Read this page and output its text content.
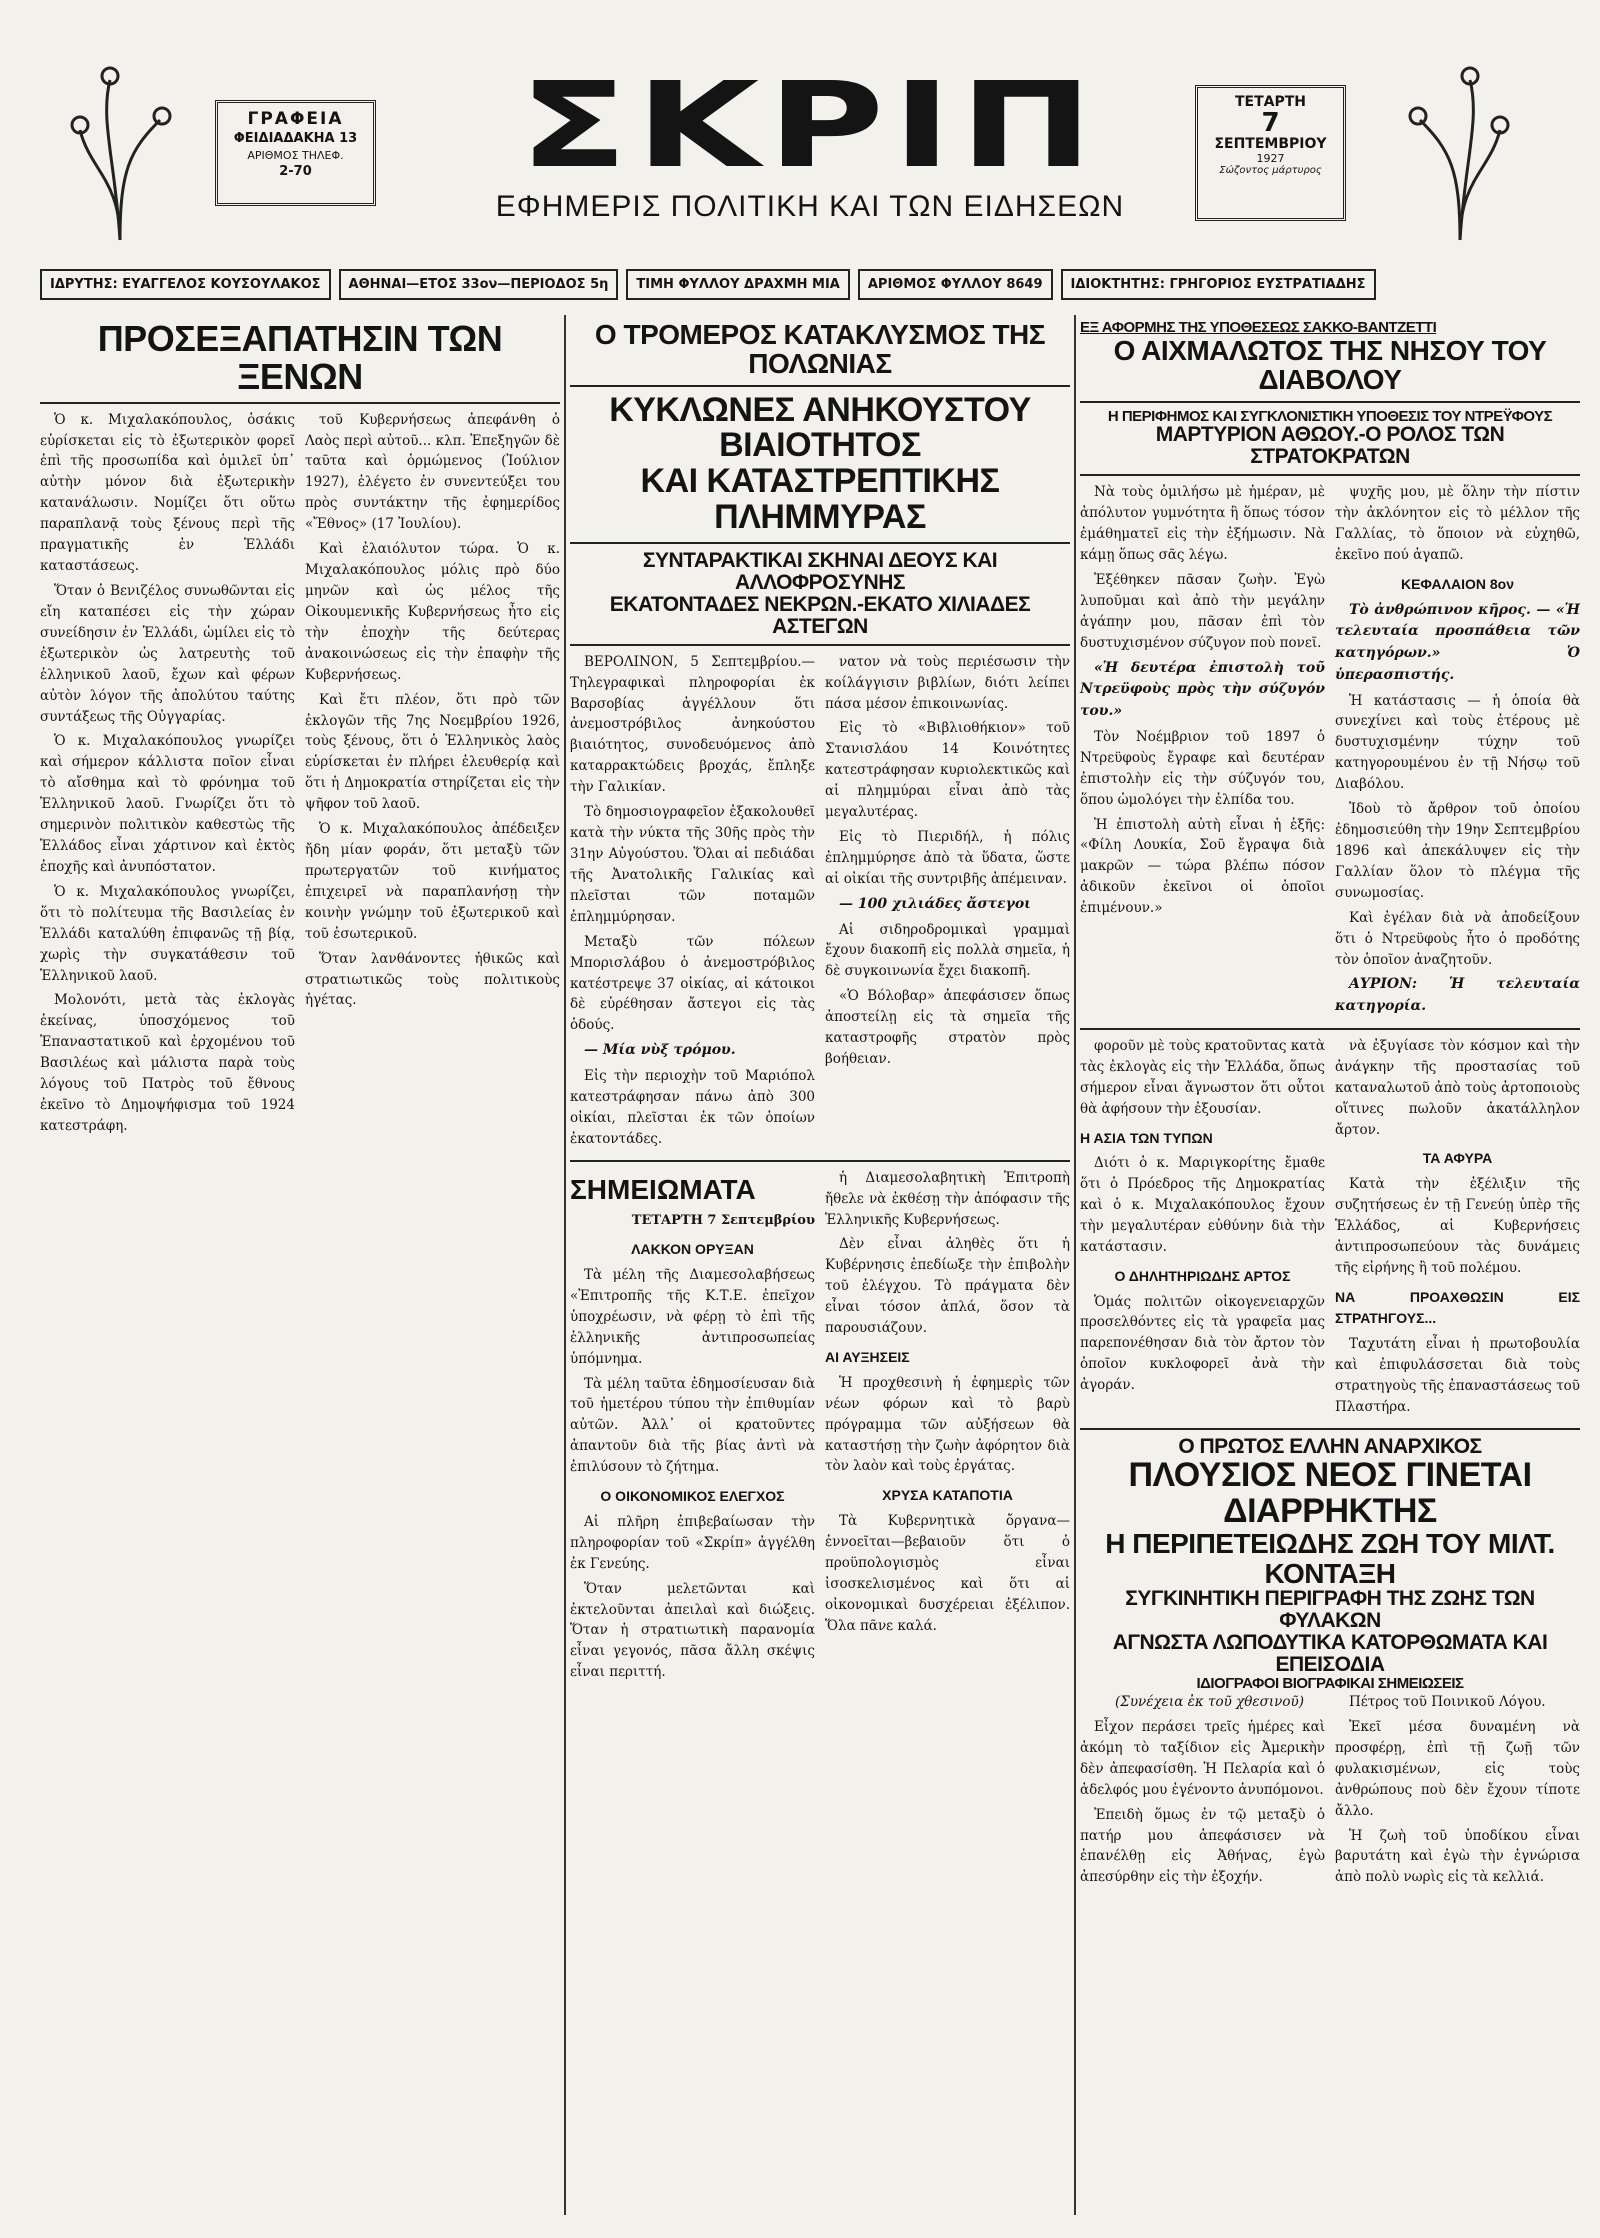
ΓΡΑΦΕΙΑ
ΦΕΙΔΙΑΔΑΚΗΑ 13
ΑΡΙΘΜΟΣ ΤΗΛΕΦ.
2-70	ΣΚΡΙΠ
ΕΦΗΜΕΡΙΣ ΠΟΛΙΤΙΚΗ ΚΑΙ ΤΩΝ ΕΙΔΗΣΕΩΝ
ΤΕΤΑΡΤΗ
7
ΣΕΠΤΕΜΒΡΙΟΥ
1927
Σώζοντος μάρτυρος
ΙΔΡΥΤΗΣ: ΕΥΑΓΓΕΛΟΣ ΚΟΥΣΟΥΛΑΚΟΣ	ΑΘΗΝΑΙ—ΕΤΟΣ 33ον—ΠΕΡΙΟΔΟΣ 5η	ΤΙΜΗ ΦΥΛΛΟΥ ΔΡΑΧΜΗ ΜΙΑ	ΑΡΙΘΜΟΣ ΦΥΛΛΟΥ 8649	ΙΔΙΟΚΤΗΤΗΣ: ΓΡΗΓΟΡΙΟΣ ΕΥΣΤΡΑΤΙΑΔΗΣ
ΠΡΟΣΕΞΑΠΑΤΗΣΙΝ ΤΩΝ ΞΕΝΩΝ

Ὁ κ. Μιχαλακόπουλος, ὁσάκις εὑρίσκεται εἰς τὸ ἐξωτερικὸν φορεῖ ἐπὶ τῆς προσωπίδα καὶ ὁμιλεῖ ὑπ᾽ αὐτὴν μόνον διὰ ἐξωτερικὴν κατανάλωσιν. Νομίζει ὅτι οὕτω παραπλανᾷ τοὺς ξένους περὶ τῆς πραγματικῆς ἐν Ἑλλάδι καταστάσεως.

Ὅταν ὁ Βενιζέλος συνωθῶνται εἰς εἴη καταπέσει εἰς τὴν χώραν συνείδησιν ἐν Ἑλλάδι, ὡμίλει εἰς τὸ ἐξωτερικὸν ὡς λατρευτὴς τοῦ ἑλληνικοῦ λαοῦ, ἔχων καὶ φέρων αὐτὸν λόγον τῆς ἀπολύτου ταύτης συντάξεως τῆς Οὐγγαρίας.

Ὁ κ. Μιχαλακόπουλος γνωρίζει καὶ σήμερον κάλλιστα ποῖον εἶναι τὸ αἴσθημα καὶ τὸ φρόνημα τοῦ Ἑλληνικοῦ λαοῦ. Γνωρίζει ὅτι τὸ σημερινὸν πολιτικὸν καθεστὼς τῆς Ἑλλάδος εἶναι χάρτινον καὶ ἐκτὸς ἐποχῆς καὶ ἀνυπόστατον.

Ὁ κ. Μιχαλακόπουλος γνωρίζει, ὅτι τὸ πολίτευμα τῆς Βασιλείας ἐν Ἑλλάδι καταλύθη ἐπιφανῶς τῇ βίᾳ, χωρὶς τὴν συγκατάθεσιν τοῦ Ἑλληνικοῦ λαοῦ.

Μολονότι, μετὰ τὰς ἐκλογὰς ἐκείνας, ὑποσχόμενος τοῦ Ἐπαναστατικοῦ καὶ ἐρχομένου τοῦ Βασιλέως καὶ μάλιστα παρὰ τοὺς λόγους τοῦ Πατρὸς τοῦ ἔθνους ἐκεῖνο τὸ Δημοψήφισμα τοῦ 1924 κατεστράφη.

τοῦ Κυβερνήσεως ἀπεφάνθη ὁ Λαὸς περὶ αὐτοῦ... κλπ. Ἐπεξηγῶν δὲ ταῦτα καὶ ὁρμώμενος (Ἰούλιον 1927), ἐλέγετο ἐν συνεντεύξει του πρὸς συντάκτην τῆς ἐφημερίδος «Ἔθνος» (17 Ἰουλίου).

Καὶ ἐλαιόλυτον τώρα. Ὁ κ. Μιχαλακόπουλος μόλις πρὸ δύο μηνῶν καὶ ὡς μέλος τῆς Οἰκουμενικῆς Κυβερνήσεως ἦτο εἰς τὴν ἐποχὴν τῆς δεύτερας ἀνακοινώσεως εἰς τὴν ἐπαφὴν τῆς Κυβερνήσεως.

Καὶ ἔτι πλέον, ὅτι πρὸ τῶν ἐκλογῶν τῆς 7ης Νοεμβρίου 1926, τοὺς ξένους, ὅτι ὁ Ἑλληνικὸς λαὸς εὑρίσκεται ἐν πλήρει ἐλευθερίᾳ καὶ ὅτι ἡ Δημοκρατία στηρίζεται εἰς τὴν ψῆφον τοῦ λαοῦ.

Ὁ κ. Μιχαλακόπουλος ἀπέδειξεν ἤδη μίαν φοράν, ὅτι μεταξὺ τῶν πρωτεργατῶν τοῦ κινήματος ἐπιχειρεῖ νὰ παραπλανήσῃ τὴν κοινὴν γνώμην τοῦ ἐξωτερικοῦ καὶ τοῦ ἐσωτερικοῦ.

Ὅταν λανθάνοντες ἠθικῶς καὶ στρατιωτικῶς τοὺς πολιτικοὺς ἡγέτας.

Ο ΤΡΟΜΕΡΟΣ ΚΑΤΑΚΛΥΣΜΟΣ ΤΗΣ ΠΟΛΩΝΙΑΣ
ΚΥΚΛΩΝΕΣ ΑΝΗΚΟΥΣΤΟΥ ΒΙΑΙΟΤΗΤΟΣ
ΚΑΙ ΚΑΤΑΣΤΡΕΠΤΙΚΗΣ ΠΛΗΜΜΥΡΑΣ
ΣΥΝΤΑΡΑΚΤΙΚΑΙ ΣΚΗΝΑΙ ΔΕΟΥΣ ΚΑΙ ΑΛΛΟΦΡΟΣΥΝΗΣ
ΕΚΑΤΟΝΤΑΔΕΣ ΝΕΚΡΩΝ.-ΕΚΑΤΟ ΧΙΛΙΑΔΕΣ ΑΣΤΕΓΩΝ

ΒΕΡΟΛΙΝΟΝ, 5 Σεπτεμβρίου.—Τηλεγραφικαὶ πληροφορίαι ἐκ Βαρσοβίας ἀγγέλλουν ὅτι ἀνεμοστρόβιλος ἀνηκούστου βιαιότητος, συνοδευόμενος ἀπὸ καταρρακτώδεις βροχάς, ἔπληξε τὴν Γαλικίαν.

Τὸ δημοσιογραφεῖον ἐξακολουθεῖ κατὰ τὴν νύκτα τῆς 30ῆς πρὸς τὴν 31ην Αὐγούστου. Ὅλαι αἱ πεδιάδαι τῆς Ἀνατολικῆς Γαλικίας καὶ πλεῖσται τῶν ποταμῶν ἐπλημμύρησαν.

Μεταξὺ τῶν πόλεων Μπορισλάβου ὁ ἀνεμοστρόβιλος κατέστρεψε 37 οἰκίας, αἱ κάτοικοι δὲ εὑρέθησαν ἄστεγοι εἰς τὰς ὁδούς.

— Μία νὺξ τρόμου.

Εἰς τὴν περιοχὴν τοῦ Μαριόπολ κατεστράφησαν πάνω ἀπὸ 300 οἰκίαι, πλεῖσται ἐκ τῶν ὁποίων ἐκατοντάδες.

νατον νὰ τοὺς περιέσωσιν τὴν κοίλάγγισιν βιβλίων, διότι λείπει πάσα μέσον ἐπικοινωνίας.

Εἰς τὸ «Βιβλιοθήκιον» τοῦ Στανισλάου 14 Κοινότητες κατεστράφησαν κυριολεκτικῶς καὶ αἱ πλημμύραι εἶναι ἀπὸ τὰς μεγαλυτέρας.

Εἰς τὸ Πιεριδήλ, ἡ πόλις ἐπλημμύρησε ἀπὸ τὰ ὕδατα, ὥστε αἱ οἰκίαι τῆς συντριβῆς ἀπέμειναν.

— 100 χιλιάδες ἄστεγοι

Αἱ σιδηροδρομικαὶ γραμμαὶ ἔχουν διακοπῆ εἰς πολλὰ σημεῖα, ἡ δὲ συγκοινωνία ἔχει διακοπῆ.

«Ὁ Βόλοβαρ» ἀπεφάσισεν ὅπως ἀποστείλῃ εἰς τὰ σημεῖα τῆς καταστροφῆς στρατὸν πρὸς βοήθειαν.

ΣΗΜΕΙΩΜΑΤΑ
ΤΕΤΑΡΤΗ 7 Σεπτεμβρίου
ΛΑΚΚΟΝ ΟΡΥΞΑΝ

Τὰ μέλη τῆς Διαμεσολαβήσεως «Ἐπιτροπῆς τῆς Κ.Τ.Ε. ἐπεῖχον ὑποχρέωσιν, νὰ φέρῃ τὸ ἐπὶ τῆς ἑλληνικῆς ἀντιπροσωπείας ὑπόμνημα.

Τὰ μέλη ταῦτα ἐδημοσίευσαν διὰ τοῦ ἡμετέρου τύπου τὴν ἐπιθυμίαν αὐτῶν. Ἀλλ᾽ οἱ κρατοῦντες ἀπαντοῦν διὰ τῆς βίας ἀντὶ νὰ ἐπιλύσουν τὸ ζήτημα.

Ο ΟΙΚΟΝΟΜΙΚΟΣ ΕΛΕΓΧΟΣ

Αἱ πλῆρη ἐπιβεβαίωσαν τὴν πληροφορίαν τοῦ «Σκρίπ» ἀγγέλθη ἐκ Γενεύης.

Ὅταν μελετῶνται καὶ ἐκτελοῦνται ἀπειλαὶ καὶ διώξεις. Ὅταν ἡ στρατιωτικὴ παρανομία εἶναι γεγονός, πᾶσα ἄλλη σκέψις εἶναι περιττή.

ἡ Διαμεσολαβητικὴ Ἐπιτροπὴ ἤθελε νὰ ἐκθέσῃ τὴν ἀπόφασιν τῆς Ἑλληνικῆς Κυβερνήσεως.

Δὲν εἶναι ἀληθὲς ὅτι ἡ Κυβέρνησις ἐπεδίωξε τὴν ἐπιβολὴν τοῦ ἐλέγχου. Τὸ πράγματα δὲν εἶναι τόσον ἁπλά, ὅσον τὰ παρουσιάζουν.

ΑΙ ΑΥΞΗΣΕΙΣ

Ἡ προχθεσινὴ ἡ ἐφημερὶς τῶν νέων φόρων καὶ τὸ βαρὺ πρόγραμμα τῶν αὐξήσεων θὰ καταστήσῃ τὴν ζωὴν ἀφόρητον διὰ τὸν λαὸν καὶ τοὺς ἐργάτας.

ΧΡΥΣΑ ΚΑΤΑΠΟΤΙΑ

Τὰ Κυβερνητικὰ ὄργανα—ἐννοεῖται—βεβαιοῦν ὅτι ὁ προϋπολογισμὸς εἶναι ἰσοσκελισμένος καὶ ὅτι αἱ οἰκονομικαὶ δυσχέρειαι ἐξέλιπον. Ὅλα πᾶνε καλά.

ΕΞ ΑΦΟΡΜΗΣ ΤΗΣ ΥΠΟΘΕΣΕΩΣ ΣΑΚΚΟ-ΒΑΝΤΖΕΤΤΙ
Ο ΑΙΧΜΑΛΩΤΟΣ ΤΗΣ ΝΗΣΟΥ ΤΟΥ ΔΙΑΒΟΛΟΥ
Η ΠΕΡΙΦΗΜΟΣ ΚΑΙ ΣΥΓΚΛΟΝΙΣΤΙΚΗ ΥΠΟΘΕΣΙΣ ΤΟΥ ΝΤΡΕΫΦΟΥΣ
ΜΑΡΤΥΡΙΟΝ ΑΘΩΟΥ.-Ο ΡΟΛΟΣ ΤΩΝ ΣΤΡΑΤΟΚΡΑΤΩΝ

Νὰ τοὺς ὁμιλήσω μὲ ἡμέραν, μὲ ἀπόλυτον γυμνότητα ἢ ὅπως τόσον ἐμάθηματεῖ εἰς τὴν ἐξήμωσιν. Νὰ κάμῃ ὅπως σᾶς λέγω.

Ἐξέθηκεν πᾶσαν ζωὴν. Ἐγὼ λυποῦμαι καὶ ἀπὸ τὴν μεγάλην ἀγάπην μου, πᾶσαν ἐπὶ τὸν δυστυχισμένον σύζυγον ποὺ πονεῖ.

«Ἡ δευτέρα ἐπιστολὴ τοῦ Ντρεϋφοὺς πρὸς τὴν σύζυγόν του.»

Τὸν Νοέμβριον τοῦ 1897 ὁ Ντρεϋφοὺς ἔγραφε καὶ δευτέραν ἐπιστολὴν εἰς τὴν σύζυγόν του, ὅπου ὡμολόγει τὴν ἐλπίδα του.

Ἡ ἐπιστολὴ αὐτὴ εἶναι ἡ ἑξῆς: «Φίλη Λουκία, Σοῦ ἔγραψα διὰ μακρῶν — τώρα βλέπω πόσον ἀδικοῦν ἐκεῖνοι οἱ ὁποῖοι ἐπιμένουν.»

ψυχῆς μου, μὲ ὅλην τὴν πίστιν τὴν ἀκλόνητον εἰς τὸ μέλλον τῆς Γαλλίας, τὸ ὅποιον νὰ εὐχηθῶ, ἐκεῖνο πού ἀγαπῶ.

ΚΕΦΑΛΑΙΟΝ 8ον

Τὸ ἀνθρώπινον κῆρος. — «Ἡ τελευταία προσπάθεια τῶν κατηγόρων.» Ὁ ὑπερασπιστής.

Ἡ κατάστασις — ἡ ὁποία θὰ συνεχίνει καὶ τοὺς ἐτέρους μὲ δυστυχισμένην τύχην τοῦ κατηγορουμένου ἐν τῇ Νήσῳ τοῦ Διαβόλου.

Ἰδοὺ τὸ ἄρθρον τοῦ ὁποίου ἐδημοσιεύθη τὴν 19ην Σεπτεμβρίου 1896 καὶ ἀπεκάλυψεν εἰς τὴν Γαλλίαν ὅλον τὸ πλέγμα τῆς συνωμοσίας.

Καὶ ἐγέλαν διὰ νὰ ἀποδείξουν ὅτι ὁ Ντρεϋφοὺς ἦτο ὁ προδότης τὸν ὁποῖον ἀναζητοῦν.

ΑΥΡΙΟΝ: Ἡ τελευταία κατηγορία.

φοροῦν μὲ τοὺς κρατοῦντας κατὰ τὰς ἐκλογὰς εἰς τὴν Ἑλλάδα, ὅπως σήμερον εἶναι ἄγνωστον ὅτι οὗτοι θὰ ἀφήσουν τὴν ἐξουσίαν.

Η ΑΣΙΑ ΤΩΝ ΤΥΠΩΝ

Διότι ὁ κ. Μαριγκορίτης ἔμαθε ὅτι ὁ Πρόεδρος τῆς Δημοκρατίας καὶ ὁ κ. Μιχαλακόπουλος ἔχουν τὴν μεγαλυτέραν εὐθύνην διὰ τὴν κατάστασιν.

Ο ΔΗΛΗΤΗΡΙΩΔΗΣ ΑΡΤΟΣ

Ὁμάς πολιτῶν οἰκογενειαρχῶν προσελθόντες εἰς τὰ γραφεῖα μας παρεπονέθησαν διὰ τὸν ἄρτον τὸν ὁποῖον κυκλοφορεῖ ἀνὰ τὴν ἀγοράν.

νὰ ἐξυγίασε τὸν κόσμον καὶ τὴν ἀνάγκην τῆς προστασίας τοῦ καταναλωτοῦ ἀπὸ τοὺς ἀρτοποιοὺς οἵτινες πωλοῦν ἀκατάλληλον ἄρτον.

ΤΑ ΑΦΥΡΑ

Κατὰ τὴν ἐξέλιξιν τῆς συζητήσεως ἐν τῇ Γενεύῃ ὑπὲρ τῆς Ἑλλάδος, αἱ Κυβερνήσεις ἀντιπροσωπεύουν τὰς δυνάμεις τῆς εἰρήνης ἢ τοῦ πολέμου.

ΝΑ ΠΡΟΑΧΘΩΣΙΝ ΕΙΣ ΣΤΡΑΤΗΓΟΥΣ...

Ταχυτάτη εἶναι ἡ πρωτοβουλία καὶ ἐπιφυλάσσεται διὰ τοὺς στρατηγοὺς τῆς ἐπαναστάσεως τοῦ Πλαστήρα.

Ο ΠΡΩΤΟΣ ΕΛΛΗΝ ΑΝΑΡΧΙΚΟΣ
ΠΛΟΥΣΙΟΣ ΝΕΟΣ ΓΙΝΕΤΑΙ ΔΙΑΡΡΗΚΤΗΣ
Η ΠΕΡΙΠΕΤΕΙΩΔΗΣ ΖΩΗ ΤΟΥ ΜΙΛΤ. ΚΟΝΤΑΞΗ
ΣΥΓΚΙΝΗΤΙΚΗ ΠΕΡΙΓΡΑΦΗ ΤΗΣ ΖΩΗΣ ΤΩΝ ΦΥΛΑΚΩΝ
ΑΓΝΩΣΤΑ ΛΩΠΟΔΥΤΙΚΑ ΚΑΤΟΡΘΩΜΑΤΑ ΚΑΙ ΕΠΕΙΣΟΔΙΑ
ΙΔΙΟΓΡΑΦΟΙ ΒΙΟΓΡΑΦΙΚΑΙ ΣΗΜΕΙΩΣΕΙΣ

(Συνέχεια ἐκ τοῦ χθεσινοῦ)

Εἶχον περάσει τρεῖς ἡμέρες καὶ ἀκόμη τὸ ταξίδιον εἰς Ἀμερικὴν δὲν ἀπεφασίσθη. Ἡ Πελαρία καὶ ὁ ἀδελφός μου ἐγένοντο ἀνυπόμονοι.

Ἐπειδὴ ὅμως ἐν τῷ μεταξὺ ὁ πατήρ μου ἀπεφάσισεν νὰ ἐπανέλθῃ εἰς Ἀθήνας, ἐγὼ ἀπεσύρθην εἰς τὴν ἐξοχήν.

Πέτρος τοῦ Ποινικοῦ Λόγου.

Ἐκεῖ μέσα δυναμένη νὰ προσφέρῃ, ἐπὶ τῇ ζωῇ τῶν φυλακισμένων, εἰς τοὺς ἀνθρώπους ποὺ δὲν ἔχουν τίποτε ἄλλο.

Ἡ ζωὴ τοῦ ὑποδίκου εἶναι βαρυτάτη καὶ ἐγὼ τὴν ἐγνώρισα ἀπὸ πολὺ νωρὶς εἰς τὰ κελλιά.
